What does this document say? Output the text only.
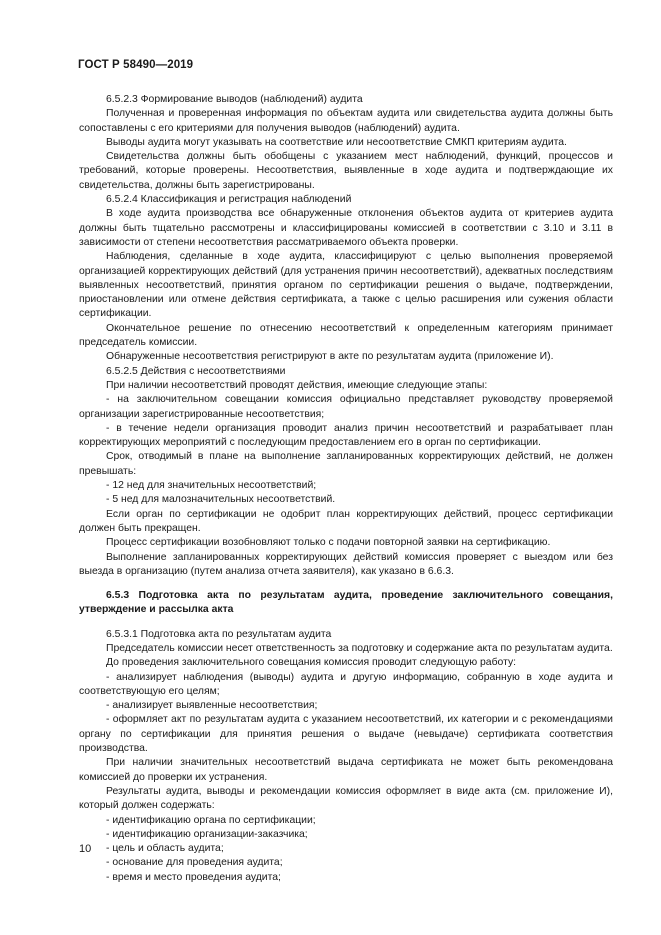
ГОСТ Р 58490—2019

6.5.2.3 Формирование выводов (наблюдений) аудита

Полученная и проверенная информация по объектам аудита или свидетельства аудита должны быть сопоставлены с его критериями для получения выводов (наблюдений) аудита.

Выводы аудита могут указывать на соответствие или несоответствие СМКП критериям аудита.

Свидетельства должны быть обобщены с указанием мест наблюдений, функций, процессов и требований, которые проверены. Несоответствия, выявленные в ходе аудита и подтверждающие их свидетельства, должны быть зарегистрированы.

6.5.2.4 Классификация и регистрация наблюдений

В ходе аудита производства все обнаруженные отклонения объектов аудита от критериев аудита должны быть тщательно рассмотрены и классифицированы комиссией в соответствии с 3.10 и 3.11 в зависимости от степени несоответствия рассматриваемого объекта проверки.

Наблюдения, сделанные в ходе аудита, классифицируют с целью выполнения проверяемой организацией корректирующих действий (для устранения причин несоответствий), адекватных последствиям выявленных несоответствий, принятия органом по сертификации решения о выдаче, подтверждении, приостановлении или отмене действия сертификата, а также с целью расширения или сужения области сертификации.

Окончательное решение по отнесению несоответствий к определенным категориям принимает председатель комиссии.

Обнаруженные несоответствия регистрируют в акте по результатам аудита (приложение И).

6.5.2.5 Действия с несоответствиями

При наличии несоответствий проводят действия, имеющие следующие этапы:

- на заключительном совещании комиссия официально представляет руководству проверяемой организации зарегистрированные несоответствия;

- в течение недели организация проводит анализ причин несоответствий и разрабатывает план корректирующих мероприятий с последующим предоставлением его в орган по сертификации.

Срок, отводимый в плане на выполнение запланированных корректирующих действий, не должен превышать:

- 12 нед для значительных несоответствий;

- 5 нед для малозначительных несоответствий.

Если орган по сертификации не одобрит план корректирующих действий, процесс сертификации должен быть прекращен.

Процесс сертификации возобновляют только с подачи повторной заявки на сертификацию.

Выполнение запланированных корректирующих действий комиссия проверяет с выездом или без выезда в организацию (путем анализа отчета заявителя), как указано в 6.6.3.

6.5.3 Подготовка акта по результатам аудита, проведение заключительного совещания, утверждение и рассылка акта

6.5.3.1 Подготовка акта по результатам аудита

Председатель комиссии несет ответственность за подготовку и содержание акта по результатам аудита.

До проведения заключительного совещания комиссия проводит следующую работу:

- анализирует наблюдения (выводы) аудита и другую информацию, собранную в ходе аудита и соответствующую его целям;

- анализирует выявленные несоответствия;

- оформляет акт по результатам аудита с указанием несоответствий, их категории и с рекомендациями органу по сертификации для принятия решения о выдаче (невыдаче) сертификата соответствия производства.

При наличии значительных несоответствий выдача сертификата не может быть рекомендована комиссией до проверки их устранения.

Результаты аудита, выводы и рекомендации комиссия оформляет в виде акта (см. приложение И), который должен содержать:

- идентификацию органа по сертификации;

- идентификацию организации-заказчика;

- цель и область аудита;

- основание для проведения аудита;

- время и место проведения аудита;

10
